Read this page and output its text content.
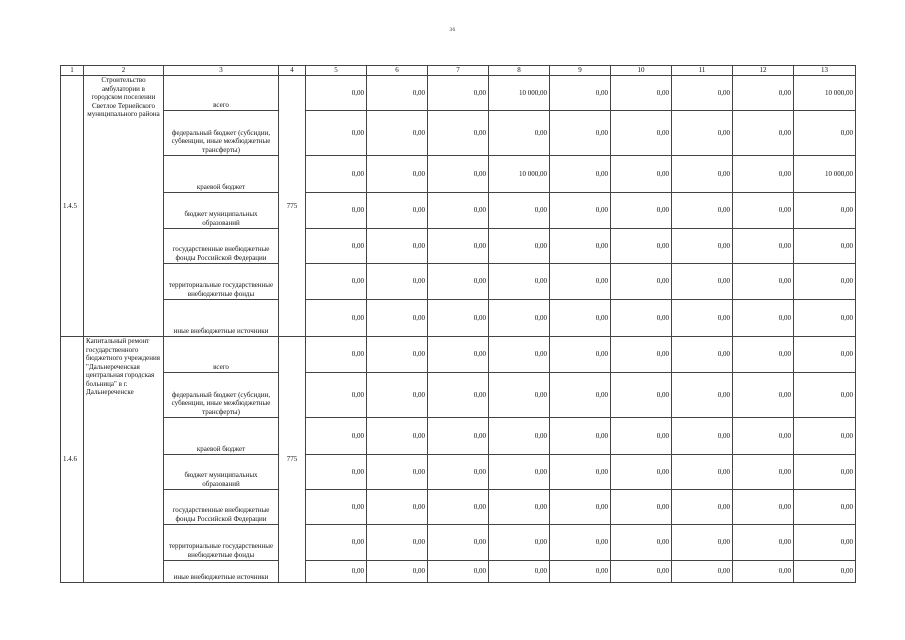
36
1	2	3	4	5	6	7	8	9	10	11	12	13
1.4.5	Строительство амбулатории в городском поселении Светлое Тернейского муниципального района	всего	775	0,00	0,00	0,00	10 000,00	0,00	0,00	0,00	0,00	10 000,00
		федеральный бюджет (субсидии, субвенции, иные межбюджетные трансферты)		0,00	0,00	0,00	0,00	0,00	0,00	0,00	0,00	0,00
		краевой бюджет		0,00	0,00	0,00	10 000,00	0,00	0,00	0,00	0,00	10 000,00
		бюджет муниципальных образований		0,00	0,00	0,00	0,00	0,00	0,00	0,00	0,00	0,00
		государственные внебюджетные фонды Российской Федерации		0,00	0,00	0,00	0,00	0,00	0,00	0,00	0,00	0,00
		территориальные государственные внебюджетные фонды		0,00	0,00	0,00	0,00	0,00	0,00	0,00	0,00	0,00
		иные внебюджетные источники		0,00	0,00	0,00	0,00	0,00	0,00	0,00	0,00	0,00
1.4.6	Капитальный ремонт государственного бюджетного учреждения "Дальнереченская центральная городская больница" в г. Дальнереченске	всего	775	0,00	0,00	0,00	0,00	0,00	0,00	0,00	0,00	0,00
		федеральный бюджет (субсидии, субвенции, иные межбюджетные трансферты)		0,00	0,00	0,00	0,00	0,00	0,00	0,00	0,00	0,00
		краевой бюджет		0,00	0,00	0,00	0,00	0,00	0,00	0,00	0,00	0,00
		бюджет муниципальных образований		0,00	0,00	0,00	0,00	0,00	0,00	0,00	0,00	0,00
		государственные внебюджетные фонды Российской Федерации		0,00	0,00	0,00	0,00	0,00	0,00	0,00	0,00	0,00
		территориальные государственные внебюджетные фонды		0,00	0,00	0,00	0,00	0,00	0,00	0,00	0,00	0,00
		иные внебюджетные источники		0,00	0,00	0,00	0,00	0,00	0,00	0,00	0,00	0,00
